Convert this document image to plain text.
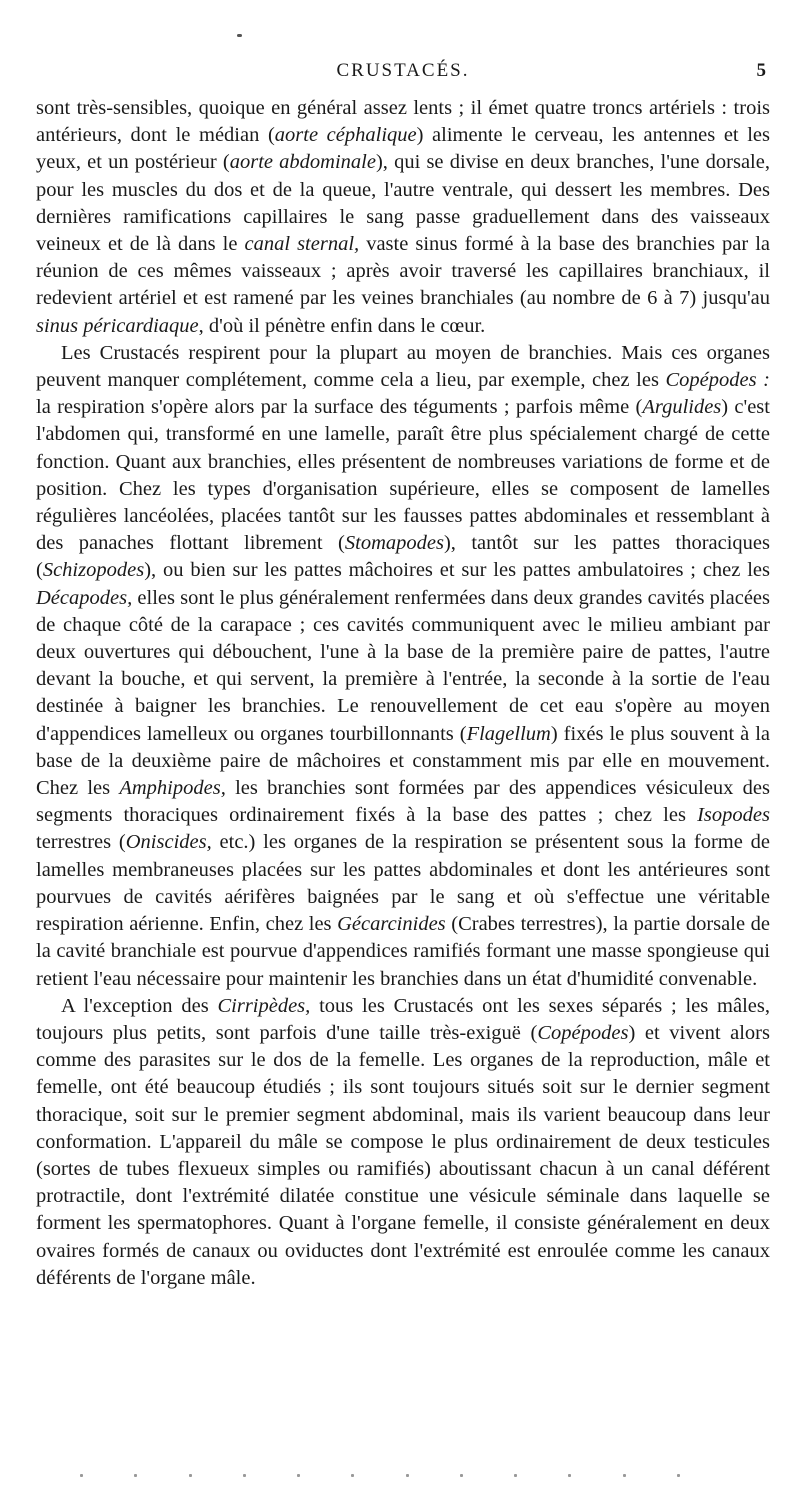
CRUSTACÉS.	5

sont très-sensibles, quoique en général assez lents ; il émet quatre troncs artériels : trois antérieurs, dont le médian (aorte céphalique) alimente le cerveau, les antennes et les yeux, et un postérieur (aorte abdominale), qui se divise en deux branches, l'une dorsale, pour les muscles du dos et de la queue, l'autre ventrale, qui dessert les membres. Des dernières ramifications capillaires le sang passe graduellement dans des vaisseaux veineux et de là dans le canal sternal, vaste sinus formé à la base des branchies par la réunion de ces mêmes vaisseaux ; après avoir traversé les capillaires branchiaux, il redevient artériel et est ramené par les veines branchiales (au nombre de 6 à 7) jusqu'au sinus péricardiaque, d'où il pénètre enfin dans le cœur.

Les Crustacés respirent pour la plupart au moyen de branchies. Mais ces organes peuvent manquer complétement, comme cela a lieu, par exemple, chez les Copépodes : la respiration s'opère alors par la surface des téguments ; parfois même (Argulides) c'est l'abdomen qui, transformé en une lamelle, paraît être plus spécialement chargé de cette fonction. Quant aux branchies, elles présentent de nombreuses variations de forme et de position. Chez les types d'organisation supérieure, elles se composent de lamelles régulières lancéolées, placées tantôt sur les fausses pattes abdominales et ressemblant à des panaches flottant librement (Stomapodes), tantôt sur les pattes thoraciques (Schizopodes), ou bien sur les pattes mâchoires et sur les pattes ambulatoires ; chez les Décapodes, elles sont le plus généralement renfermées dans deux grandes cavités placées de chaque côté de la carapace ; ces cavités communiquent avec le milieu ambiant par deux ouvertures qui débouchent, l'une à la base de la première paire de pattes, l'autre devant la bouche, et qui servent, la première à l'entrée, la seconde à la sortie de l'eau destinée à baigner les branchies. Le renouvellement de cet eau s'opère au moyen d'appendices lamelleux ou organes tourbillonnants (Flagellum) fixés le plus souvent à la base de la deuxième paire de mâchoires et constamment mis par elle en mouvement. Chez les Amphipodes, les branchies sont formées par des appendices vésiculeux des segments thoraciques ordinairement fixés à la base des pattes ; chez les Isopodes terrestres (Oniscides, etc.) les organes de la respiration se présentent sous la forme de lamelles membraneuses placées sur les pattes abdominales et dont les antérieures sont pourvues de cavités aérifères baignées par le sang et où s'effectue une véritable respiration aérienne. Enfin, chez les Gécarcinides (Crabes terrestres), la partie dorsale de la cavité branchiale est pourvue d'appendices ramifiés formant une masse spongieuse qui retient l'eau nécessaire pour maintenir les branchies dans un état d'humidité convenable.

A l'exception des Cirripèdes, tous les Crustacés ont les sexes séparés ; les mâles, toujours plus petits, sont parfois d'une taille très-exiguë (Copépodes) et vivent alors comme des parasites sur le dos de la femelle. Les organes de la reproduction, mâle et femelle, ont été beaucoup étudiés ; ils sont toujours situés soit sur le dernier segment thoracique, soit sur le premier segment abdominal, mais ils varient beaucoup dans leur conformation. L'appareil du mâle se compose le plus ordinairement de deux testicules (sortes de tubes flexueux simples ou ramifiés) aboutissant chacun à un canal déférent protractile, dont l'extrémité dilatée constitue une vésicule séminale dans laquelle se forment les spermatophores. Quant à l'organe femelle, il consiste généralement en deux ovaires formés de canaux ou oviductes dont l'extrémité est enroulée comme les canaux déférents de l'organe mâle.
